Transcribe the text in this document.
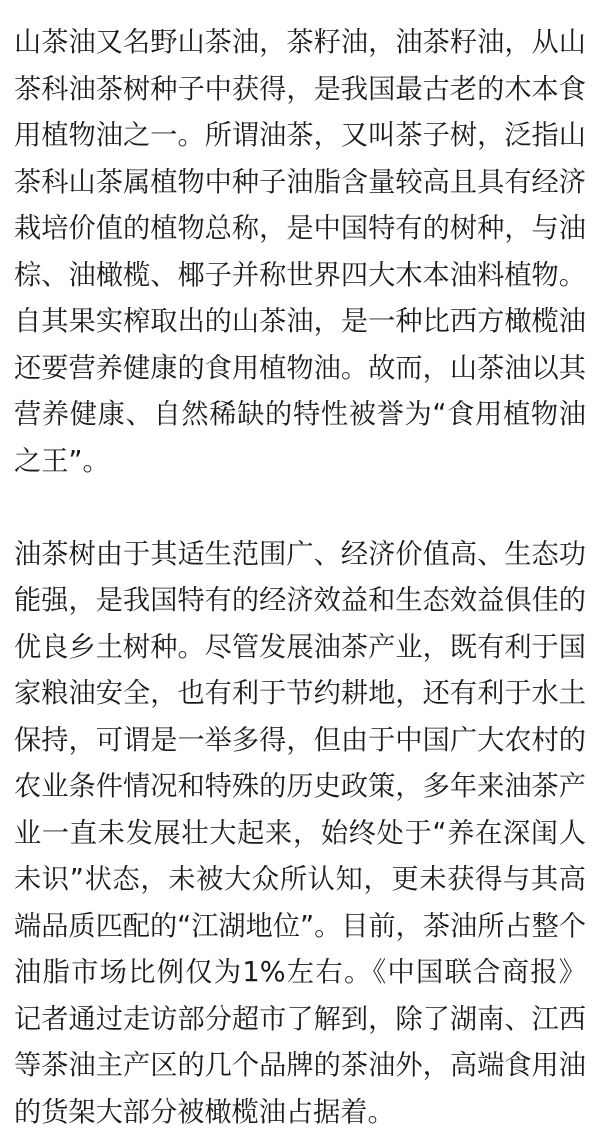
山茶油又名野山茶油，茶籽油，油茶籽油，从山茶科油茶树种子中获得，是我国最古老的木本食用植物油之一。所谓油茶，又叫茶子树，泛指山茶科山茶属植物中种子油脂含量较高且具有经济栽培价值的植物总称，是中国特有的树种，与油棕、油橄榄、椰子并称世界四大木本油料植物。自其果实榨取出的山茶油，是一种比西方橄榄油还要营养健康的食用植物油。故而，山茶油以其营养健康、自然稀缺的特性被誉为“食用植物油之王”。

油茶树由于其适生范围广、经济价值高、生态功能强，是我国特有的经济效益和生态效益俱佳的优良乡土树种。尽管发展油茶产业，既有利于国家粮油安全，也有利于节约耕地，还有利于水土保持，可谓是一举多得，但由于中国广大农村的农业条件情况和特殊的历史政策，多年来油茶产业一直未发展壮大起来，始终处于“养在深闺人未识”状态，未被大众所认知，更未获得与其高端品质匹配的“江湖地位”。目前，茶油所占整个油脂市场比例仅为1%左右。《中国联合商报》记者通过走访部分超市了解到，除了湖南、江西等茶油主产区的几个品牌的茶油外，高端食用油的货架大部分被橄榄油占据着。
